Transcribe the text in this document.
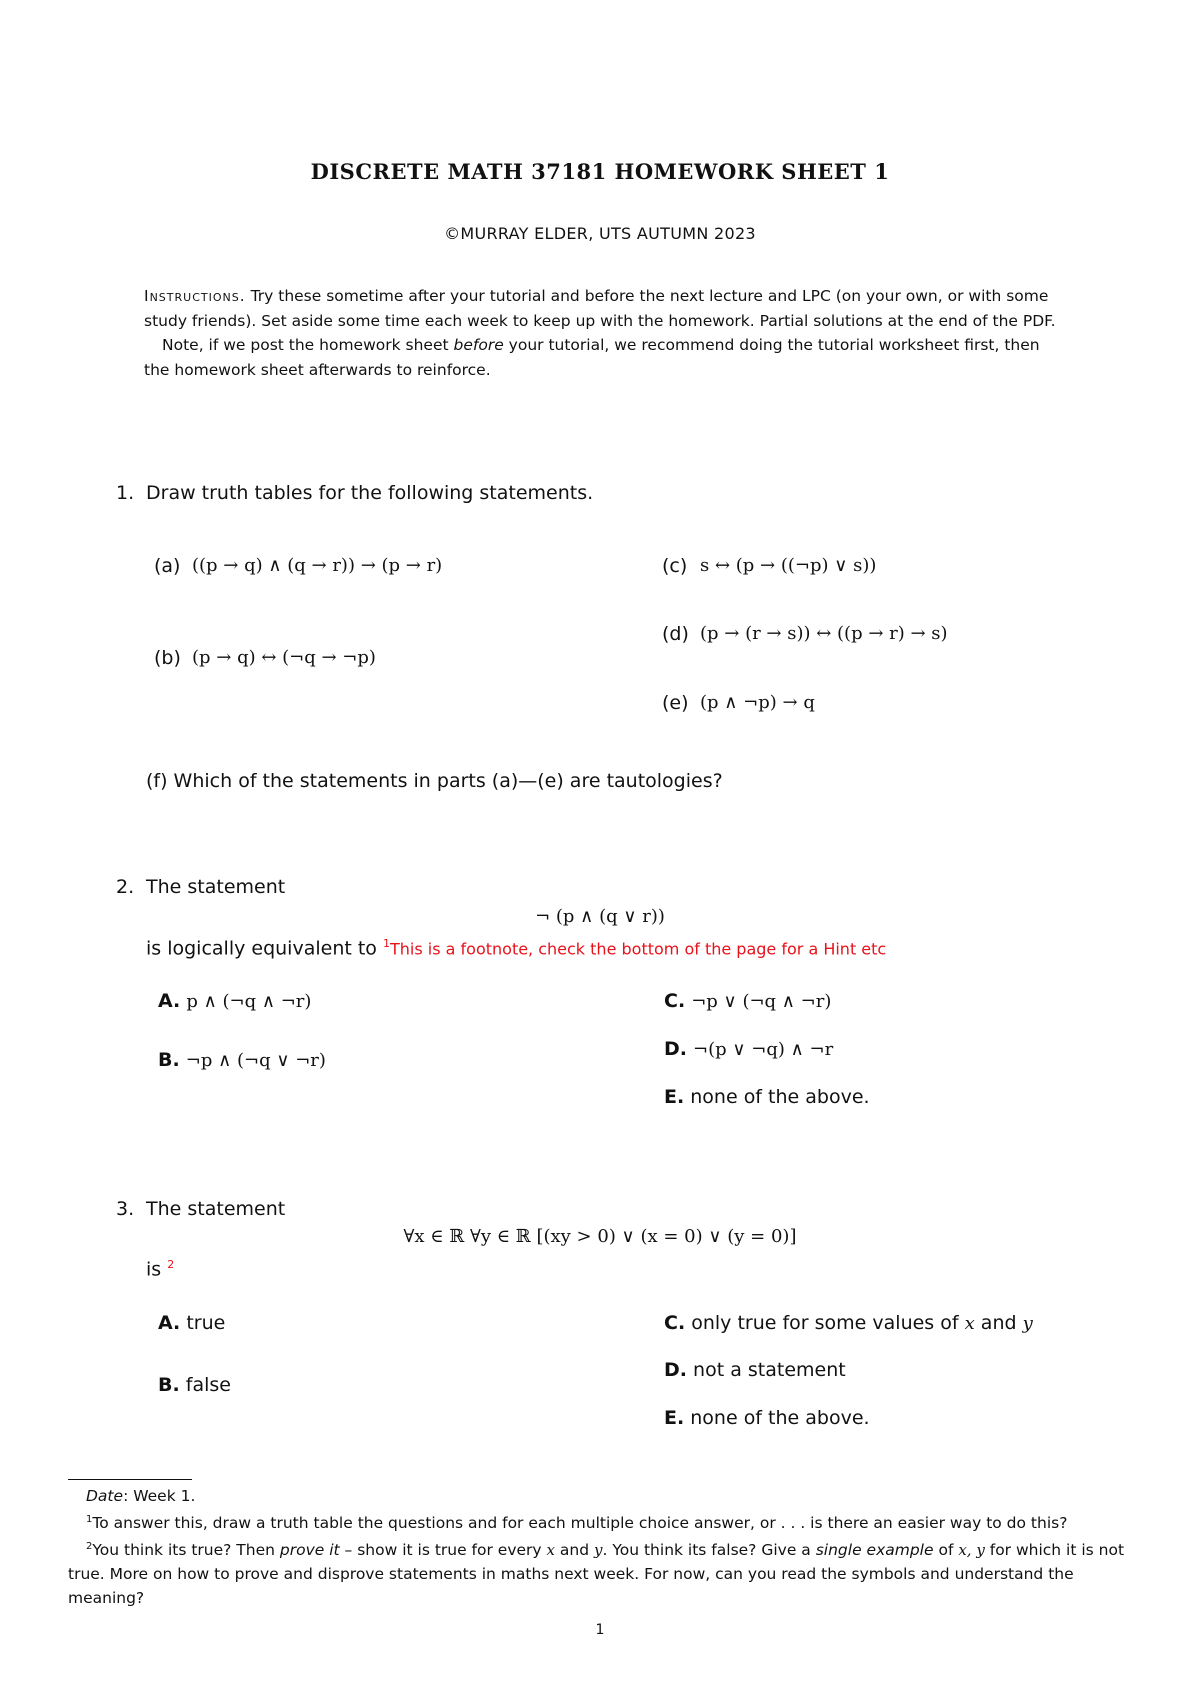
DISCRETE MATH 37181 HOMEWORK SHEET 1
©MURRAY ELDER, UTS AUTUMN 2023

Instructions. Try these sometime after your tutorial and before the next lecture and LPC (on your own, or with some study friends). Set aside some time each week to keep up with the homework. Partial solutions at the end of the PDF.

Note, if we post the homework sheet before your tutorial, we recommend doing the tutorial worksheet first, then the homework sheet afterwards to reinforce.

1. Draw truth tables for the following statements.
(a) ((p → q) ∧ (q → r)) → (p → r)
(b) (p → q) ↔ (¬q → ¬p)
(c) s ↔ (p → ((¬p) ∨ s))
(d) (p → (r → s)) ↔ ((p → r) → s)
(e) (p ∧ ¬p) → q
(f) Which of the statements in parts (a)—(e) are tautologies?
2. The statement
¬ (p ∧ (q ∨ r))
is logically equivalent to $^1$This is a footnote, check the bottom of the page for a Hint etc
A. p ∧ (¬q ∧ ¬r)
B. ¬p ∧ (¬q ∨ ¬r)
C. ¬p ∨ (¬q ∧ ¬r)
D. ¬(p ∨ ¬q) ∧ ¬r
E. none of the above.
3. The statement
∀x ∈ ℝ ∀y ∈ ℝ [(xy > 0) ∨ (x = 0) ∨ (y = 0)]
is $^2$
A. true
B. false
C. only true for some values of x and y
D. not a statement
E. none of the above.

Date: Week 1.

$^1$To answer this, draw a truth table the questions and for each multiple choice answer, or . . . is there an easier way to do this?

$^2$You think its true? Then prove it – show it is true for every x and y. You think its false? Give a single example of x, y for which it is not true. More on how to prove and disprove statements in maths next week. For now, can you read the symbols and understand the meaning?

1
